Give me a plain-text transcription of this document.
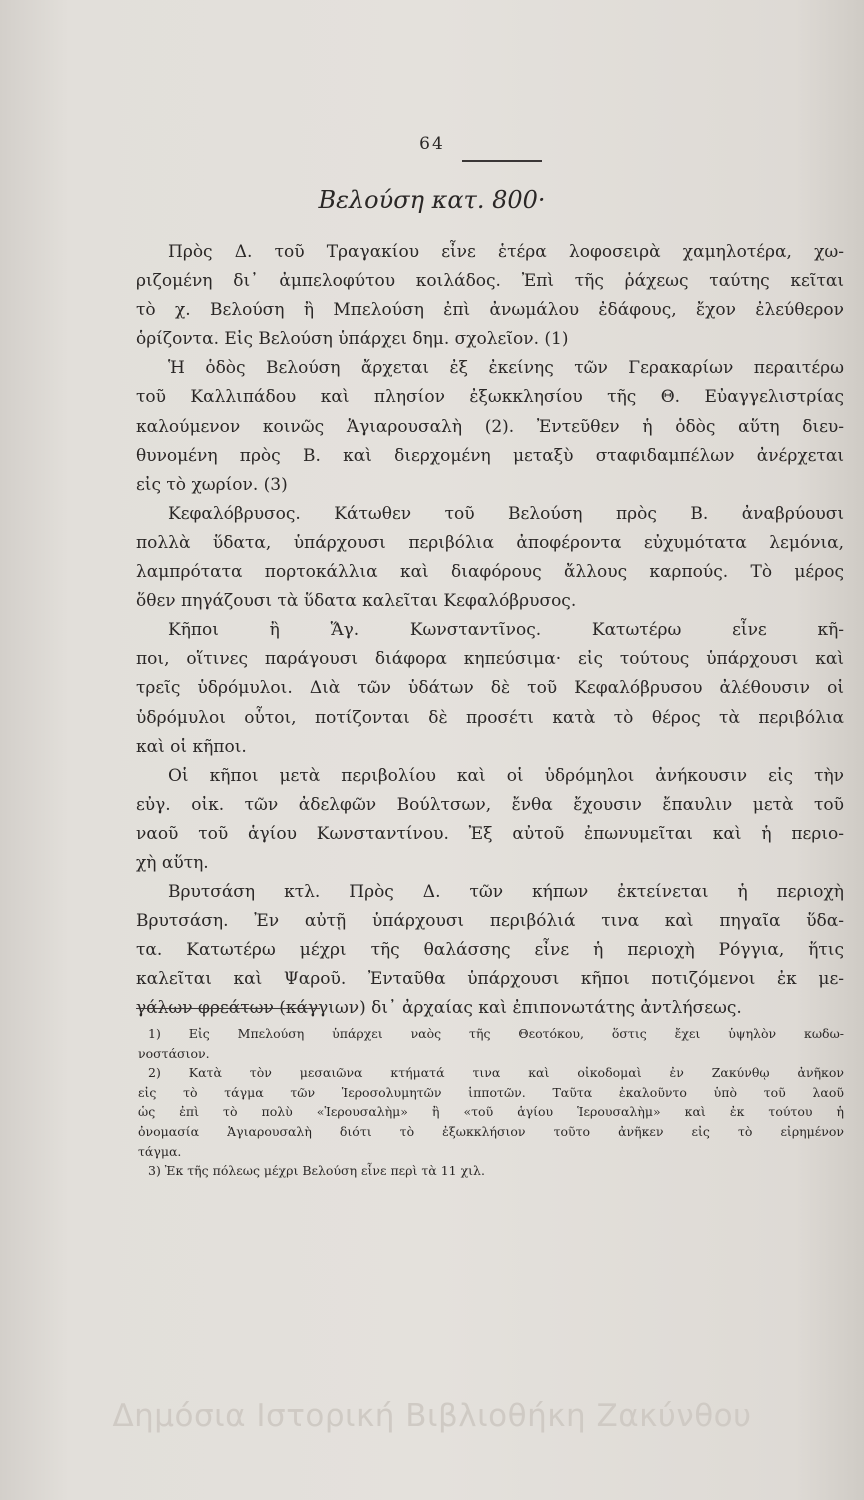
64
Βελούση κατ. 800·
Πρὸς Δ. τοῦ Τραγακίου εἶνε ἑτέρα λοφοσειρὰ χαμηλοτέρα, χω-
ριζομένη δι᾽ ἀμπελοφύτου κοιλάδος. Ἐπὶ τῆς ῥάχεως ταύτης κεῖται
τὸ χ. Βελούση ἢ Μπελούση ἐπὶ ἀνωμάλου ἐδάφους, ἔχον ἐλεύθερον
ὁρίζοντα. Εἰς Βελούση ὑπάρχει δημ. σχολεῖον. (1)
Ἡ ὁδὸς Βελούση ἄρχεται ἐξ ἐκείνης τῶν Γερακαρίων περαιτέρω
τοῦ Καλλιπάδου καὶ πλησίον ἐξωκκλησίου τῆς Θ. Εὐαγγελιστρίας
καλούμενον κοινῶς Ἁγιαρουσαλὴ (2). Ἐντεῦθεν ἡ ὁδὸς αὕτη διευ-
θυνομένη πρὸς Β. καὶ διερχομένη μεταξὺ σταφιδαμπέλων ἀνέρχεται
εἰς τὸ χωρίον. (3)
Κεφαλόβρυσος. Κάτωθεν τοῦ Βελούση πρὸς Β. ἀναβρύουσι
πολλὰ ὕδατα, ὑπάρχουσι περιβόλια ἀποφέροντα εὐχυμότατα λεμόνια,
λαμπρότατα πορτοκάλλια καὶ διαφόρους ἄλλους καρπούς. Τὸ μέρος
ὅθεν πηγάζουσι τὰ ὕδατα καλεῖται Κεφαλόβρυσος.
Κῆποι ἢ Ἅγ. Κωνσταντῖνος. Κατωτέρω εἶνε κῆ-
ποι, οἵτινες παράγουσι διάφορα κηπεύσιμα· εἰς τούτους ὑπάρχουσι καὶ
τρεῖς ὑδρόμυλοι. Διὰ τῶν ὑδάτων δὲ τοῦ Κεφαλόβρυσου ἀλέθουσιν οἱ
ὑδρόμυλοι οὗτοι, ποτίζονται δὲ προσέτι κατὰ τὸ θέρος τὰ περιβόλια
καὶ οἱ κῆποι.
Οἱ κῆποι μετὰ περιβολίου καὶ οἱ ὑδρόμηλοι ἀνήκουσιν εἰς τὴν
εὐγ. οἰκ. τῶν ἀδελφῶν Βούλτσων, ἔνθα ἔχουσιν ἔπαυλιν μετὰ τοῦ
ναοῦ τοῦ ἁγίου Κωνσταντίνου. Ἐξ αὐτοῦ ἐπωνυμεῖται καὶ ἡ περιο-
χὴ αὕτη.
Βρυτσάση κτλ. Πρὸς Δ. τῶν κήπων ἐκτείνεται ἡ περιοχὴ
Βρυτσάση. Ἐν αὐτῇ ὑπάρχουσι περιβόλιά τινα καὶ πηγαῖα ὕδα-
τα. Κατωτέρω μέχρι τῆς θαλάσσης εἶνε ἡ περιοχὴ Ρόγγια, ἥτις
καλεῖται καὶ Ψαροῦ. Ἐνταῦθα ὑπάρχουσι κῆποι ποτιζόμενοι ἐκ με-
γάλων φρεάτων (κάγγιων) δι᾽ ἀρχαίας καὶ ἐπιπονωτάτης ἀντλήσεως.
1) Εἰς Μπελούση ὑπάρχει ναὸς τῆς Θεοτόκου, ὅστις ἔχει ὑψηλὸν κωδω-
νοστάσιον.
2) Κατὰ τὸν μεσαιῶνα κτήματά τινα καὶ οἰκοδομαὶ ἐν Ζακύνθῳ ἀνῆκον
εἰς τὸ τάγμα τῶν Ἱεροσολυμητῶν ἱπποτῶν. Ταῦτα ἐκαλοῦντο ὑπὸ τοῦ λαοῦ
ὡς ἐπὶ τὸ πολὺ «Ἱερουσαλὴμ» ἢ «τοῦ ἁγίου Ἱερουσαλὴμ» καὶ ἐκ τούτου ἡ
ὀνομασία Ἁγιαρουσαλὴ διότι τὸ ἐξωκκλήσιον τοῦτο ἀνῆκεν εἰς τὸ εἰρημένον
τάγμα.
3) Ἐκ τῆς πόλεως μέχρι Βελούση εἶνε περὶ τὰ 11 χιλ.
Δημόσια Ιστορική Βιβλιοθήκη Ζακύνθου
